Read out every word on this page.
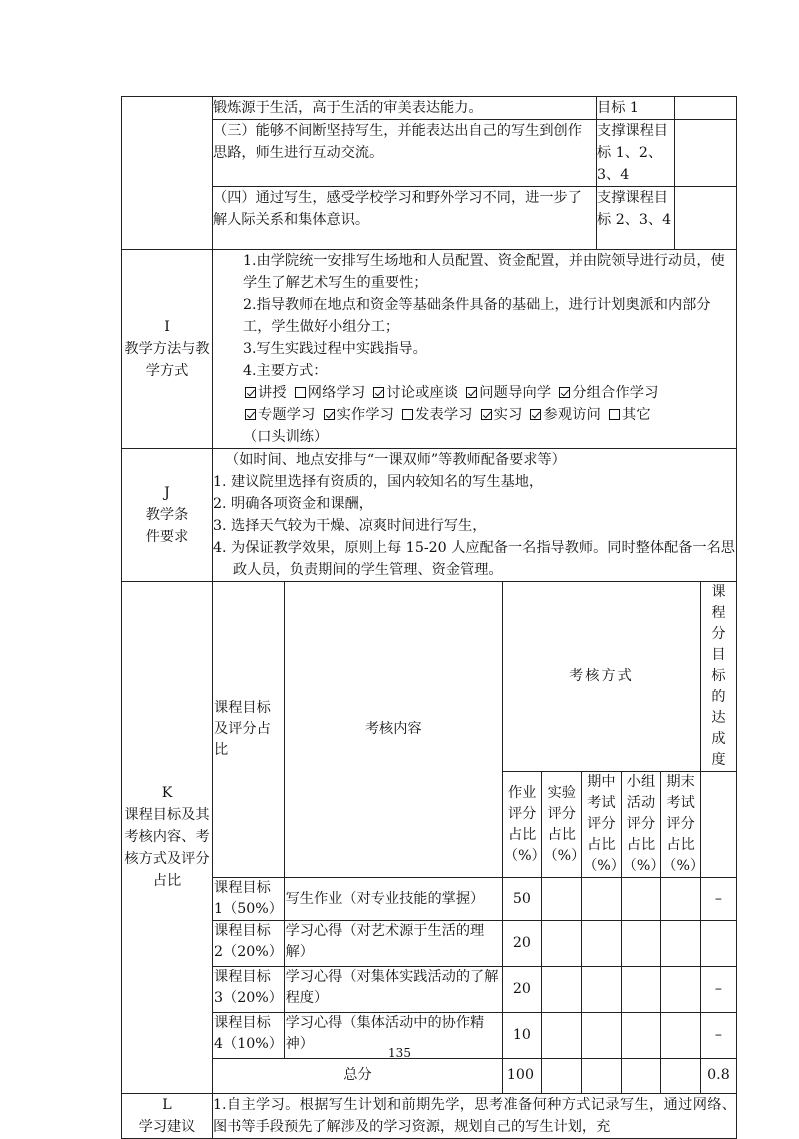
	锻炼源于生活，高于生活的审美表达能力。	目标 1	
（三）能够不间断坚持写生，并能表达出自己的写生到创作思路，师生进行互动交流。	支撑课程目标 1、2、3、4	
（四）通过写生，感受学校学习和野外学习不同，进一步了解人际关系和集体意识。	支撑课程目标 2、3、4	

I
教学方法与教学方式

1.由学院统一安排写生场地和人员配置、资金配置，并由院领导进行动员，使学生了解艺术写生的重要性；
2.指导教师在地点和资金等基础条件具备的基础上，进行计划奥派和内部分工，学生做好小组分工；
3.写生实践过程中实践指导。
4.主要方式：
讲授 网络学习 讨论或座谈 问题导向学 分组合作学习
专题学习 实作学习 发表学习 实习 参观访问 其它
（口头训练）

J
教学条件要求

（如时间、地点安排与“一课双师”等教师配备要求等）
1. 建议院里选择有资质的，国内较知名的写生基地，
2. 明确各项资金和课酬，
3. 选择天气较为干燥、凉爽时间进行写生，
4. 为保证教学效果，原则上每 15-20 人应配备一名指导教师。同时整体配备一名思政人员，负责期间的学生管理、资金管理。

K
课程目标及其考核内容、考核方式及评分占比

课程目标及评分占比	考核内容	考核方式	课程分目标的达成度
作业评分占比（%）	实验评分占比（%）	期中考试评分占比（%）	小组活动评分占比（%）	期末考试评分占比（%）	
课程目标 1（50%）	写生作业（对专业技能的掌握）	50					–
课程目标 2（20%）	学习心得（对艺术源于生活的理解）	20					
课程目标 3（20%）	学习心得（对集体实践活动的了解程度）	20					–
课程目标 4（10%）	学习心得（集体活动中的协作精神）	10					–
总分	100					0.8

L
学习建议
	1.自主学习。根据写生计划和前期先学，思考准备何种方式记录写生，通过网络、图书等手段预先了解涉及的学习资源，规划自己的写生计划，充
135
